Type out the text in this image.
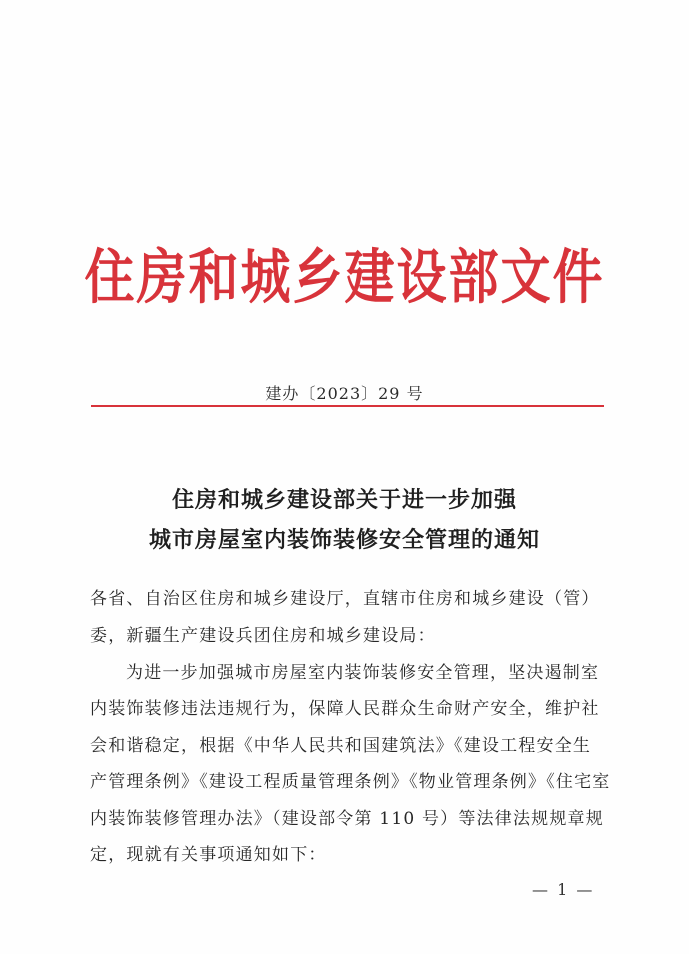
住房和城乡建设部文件
建办〔2023〕29 号
住房和城乡建设部关于进一步加强
城市房屋室内装饰装修安全管理的通知
各省、自治区住房和城乡建设厅，直辖市住房和城乡建设（管）
委，新疆生产建设兵团住房和城乡建设局：
为进一步加强城市房屋室内装饰装修安全管理，坚决遏制室
内装饰装修违法违规行为，保障人民群众生命财产安全，维护社
会和谐稳定，根据《中华人民共和国建筑法》《建设工程安全生
产管理条例》《建设工程质量管理条例》《物业管理条例》《住宅室
内装饰装修管理办法》（建设部令第 110 号）等法律法规规章规
定，现就有关事项通知如下：
— 1 —
